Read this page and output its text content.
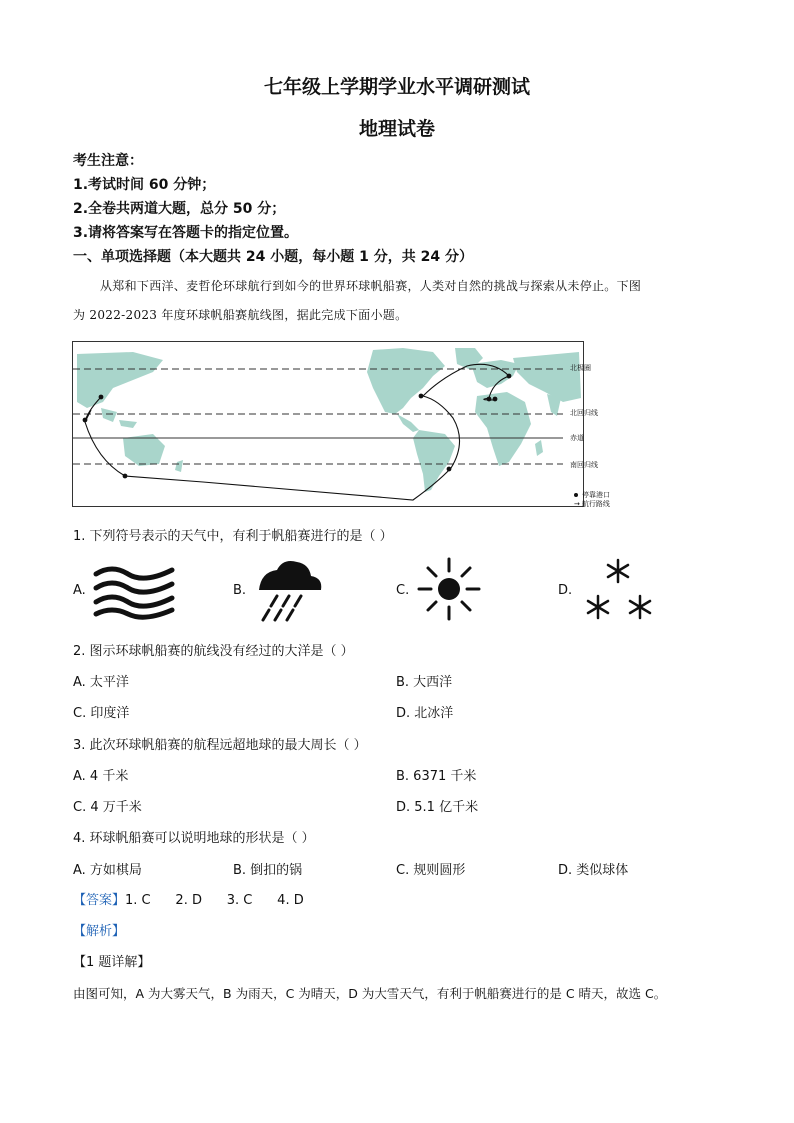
七年级上学期学业水平调研测试
地理试卷
考生注意：
1.考试时间 60 分钟；
2.全卷共两道大题，总分 50 分；
3.请将答案写在答题卡的指定位置。
一、单项选择题（本大题共 24 小题，每小题 1 分，共 24 分）
从郑和下西洋、麦哲伦环球航行到如今的世界环球帆船赛，人类对自然的挑战与探索从未停止。下图
为 2022-2023 年度环球帆船赛航线图，据此完成下面小题。
北极圈
北回归线
赤道
南回归线
停靠港口
→ 航行路线
1. 下列符号表示的天气中，有利于帆船赛进行的是（ ）
A.	B.	C.	D.
2. 图示环球帆船赛的航线没有经过的大洋是（ ）
A. 太平洋	B. 大西洋
C. 印度洋	D. 北冰洋
3. 此次环球帆船赛的航程远超地球的最大周长（ ）
A. 4 千米	B. 6371 千米
C. 4 万千米	D. 5.1 亿千米
4. 环球帆船赛可以说明地球的形状是（ ）
A. 方如棋局	B. 倒扣的锅	C. 规则圆形	D. 类似球体
【答案】1. C      2. D      3. C      4. D
【解析】
【1 题详解】
由图可知，A 为大雾天气，B 为雨天，C 为晴天，D 为大雪天气，有利于帆船赛进行的是 C 晴天，故选 C。
